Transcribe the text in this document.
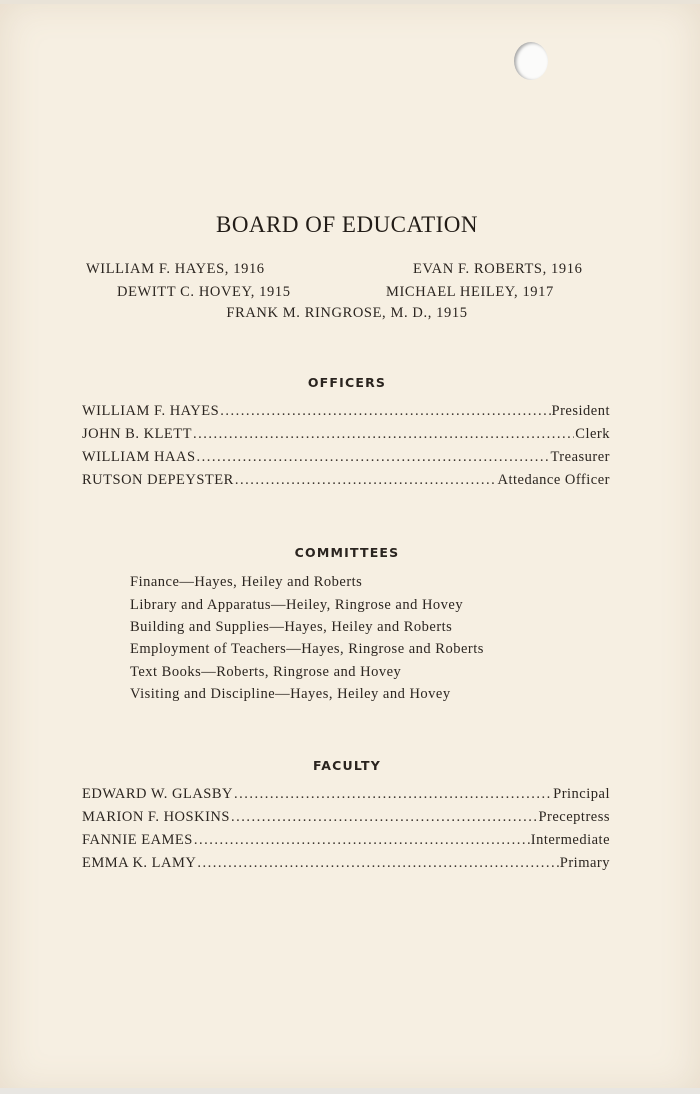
BOARD OF EDUCATION
WILLIAM F. HAYES, 1916	EVAN F. ROBERTS, 1916
DEWITT C. HOVEY, 1915	MICHAEL HEILEY, 1917
FRANK M. RINGROSE, M. D., 1915
OFFICERS
WILLIAM F. HAYES .....	President
JOHN B. KLETT .....	Clerk
WILLIAM HAAS .....	Treasurer
RUTSON DEPEYSTER .....	Attedance Officer
COMMITTEES
Finance—Hayes, Heiley and Roberts
Library and Apparatus—Heiley, Ringrose and Hovey
Building and Supplies—Hayes, Heiley and Roberts
Employment of Teachers—Hayes, Ringrose and Roberts
Text Books—Roberts, Ringrose and Hovey
Visiting and Discipline—Hayes, Heiley and Hovey
FACULTY
EDWARD W. GLASBY .....	Principal
MARION F. HOSKINS .....	Preceptress
FANNIE EAMES .....	Intermediate
EMMA K. LAMY .....	Primary
